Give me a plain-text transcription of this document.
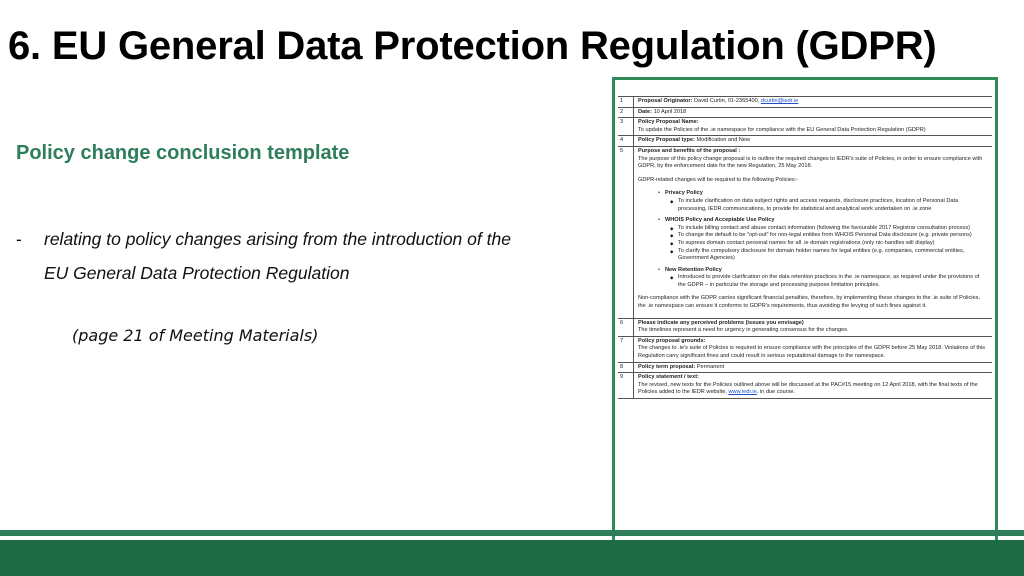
6. EU General Data Protection Regulation (GDPR)
Policy change conclusion template
- relating to policy changes arising from the introduction of the
EU General Data Protection Regulation
(page 21 of Meeting Materials)
1	Proposal Originator: David Curtin, 01-2365400, dcurtin@iedr.ie
2	Date: 10 April 2018
3	Policy Proposal Name:
To update the Policies of the .ie namespace for compliance with the EU General Data Protection Regulation (GDPR)
4	Policy Proposal type: Modification and New
5	Purpose and benefits of the proposal :
The purpose of this policy change proposal is to outline the required changes to IEDR's suite of Policies, in order to ensure compliance with GDPR, by the enforcement date for the new Regulation, 25 May 2018.
GDPR-related changes will be required to the following Policies:-
• Privacy Policy
◆ To include clarification on data subject rights and access requests, disclosure practices, location of Personal Data processing, IEDR communications, to provide for statistical and analytical work undertaken on .ie zone
• WHOIS Policy and Acceptable Use Policy
◆ To include billing contact and abuse contact information (following the favourable 2017 Registrar consultation process)
◆ To change the default to be "opt-out" for non-legal entities from WHOIS Personal Data disclosure (e.g. private persons)
◆ To supress domain contact personal names for all .ie domain registrations (only nic-handles will display)
◆ To clarify the compulsory disclosure for domain holder names for legal entities (e.g. companies, commercial entities, Government Agencies)
• New Retention Policy
◆ Introduced to provide clarification on the data retention practices in the .ie namespace, as required under the provisions of the GDPR – in particular the storage and processing purpose limitation principles.
Non-compliance with the GDPR carries significant financial penalties, therefore, by implementing these changes to the .ie suite of Policies, the .ie namespace can ensure it conforms to GDPR's requirements, thus avoiding the levying of such fines against it.
6	Please indicate any perceived problems (issues you envisage)
The timelines represent a need for urgency in generating consensus for the changes.
7	Policy proposal grounds:
The changes to .ie's suite of Policies is required to ensure compliance with the principles of the GDPR before 25 May 2018. Violations of this Regulation carry significant fines and could result in serious reputational damage to the namespace.
8	Policy term proposal: Permanent
9	Policy statement / text:
The revised, new texts for the Policies outlined above will be discussed at the PAC#15 meeting on 12 April 2018, with the final texts of the Policies added to the IEDR website, www.iedr.ie, in due course.
